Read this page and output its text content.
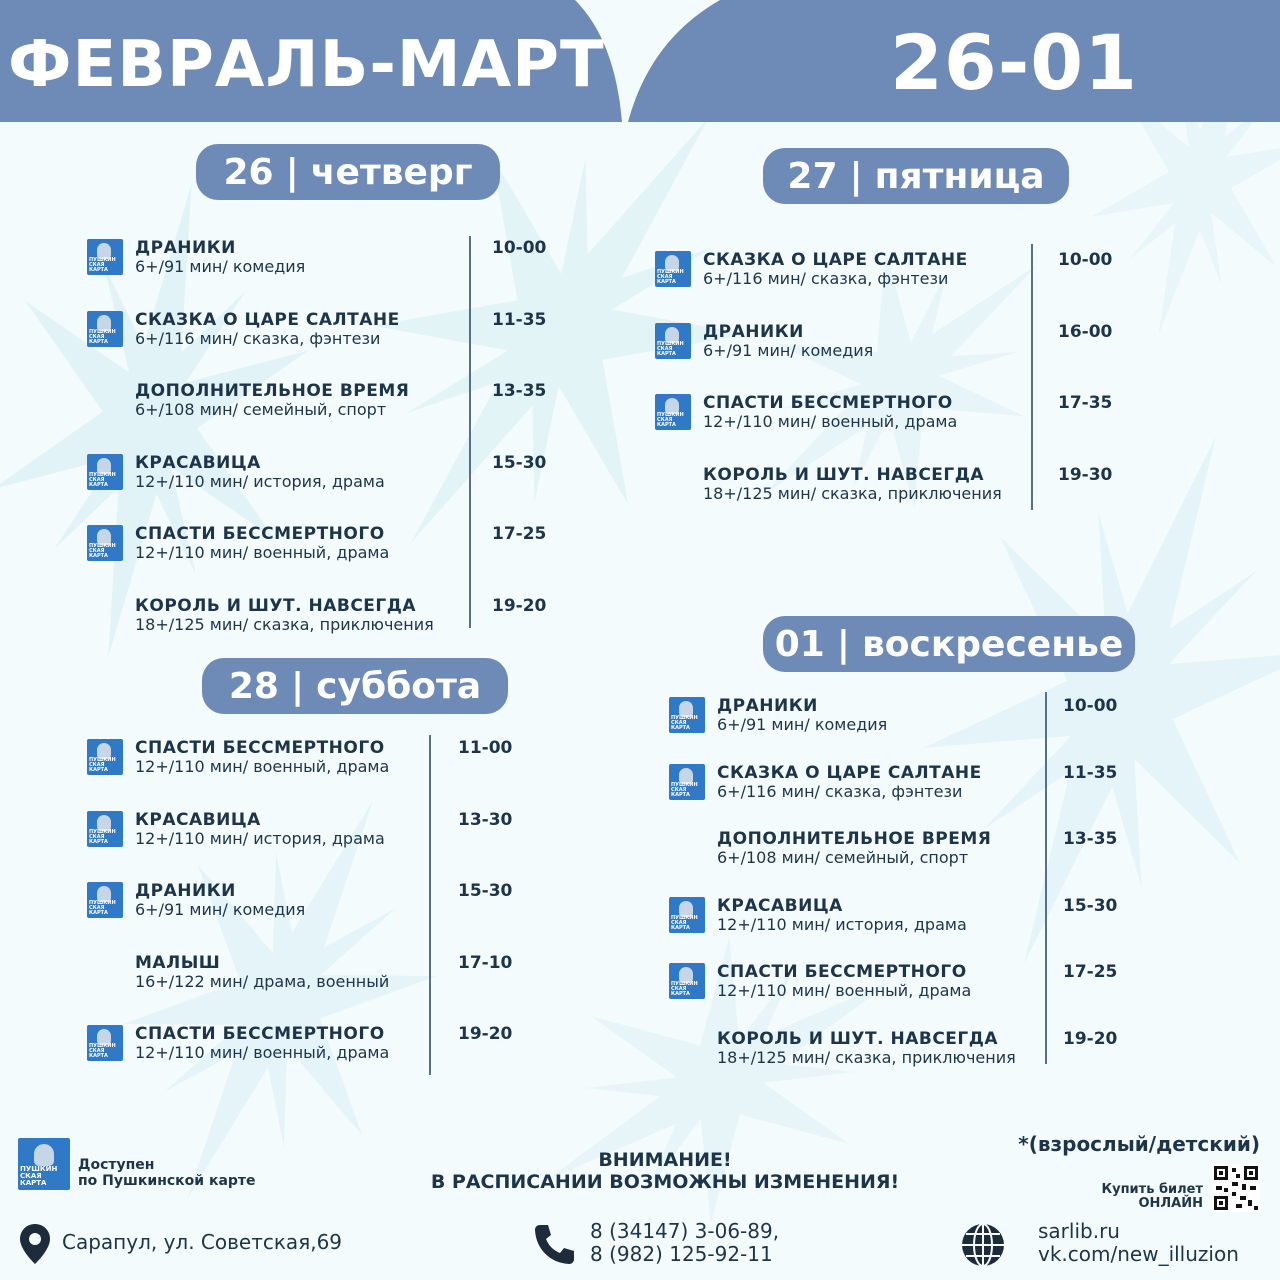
ФЕВРАЛЬ-МАРТ	26-01
26 | четверг
ПУШКИН СКАЯ КАРТА
ДРАНИКИ
6+/91 мин/ комедия
10-00
ПУШКИН СКАЯ КАРТА
СКАЗКА О ЦАРЕ САЛТАНЕ
6+/116 мин/ сказка, фэнтези
11-35
ДОПОЛНИТЕЛЬНОЕ ВРЕМЯ
6+/108 мин/ семейный, спорт
13-35
ПУШКИН СКАЯ КАРТА
КРАСАВИЦА
12+/110 мин/ история, драма
15-30
ПУШКИН СКАЯ КАРТА
СПАСТИ БЕССМЕРТНОГО
12+/110 мин/ военный, драма
17-25
КОРОЛЬ И ШУТ. НАВСЕГДА
18+/125 мин/ сказка, приключения
19-20
27 | пятница
ПУШКИН СКАЯ КАРТА
СКАЗКА О ЦАРЕ САЛТАНЕ
6+/116 мин/ сказка, фэнтези
10-00
ПУШКИН СКАЯ КАРТА
ДРАНИКИ
6+/91 мин/ комедия
16-00
ПУШКИН СКАЯ КАРТА
СПАСТИ БЕССМЕРТНОГО
12+/110 мин/ военный, драма
17-35
КОРОЛЬ И ШУТ. НАВСЕГДА
18+/125 мин/ сказка, приключения
19-30
28 | суббота
ПУШКИН СКАЯ КАРТА
СПАСТИ БЕССМЕРТНОГО
12+/110 мин/ военный, драма
11-00
ПУШКИН СКАЯ КАРТА
КРАСАВИЦА
12+/110 мин/ история, драма
13-30
ПУШКИН СКАЯ КАРТА
ДРАНИКИ
6+/91 мин/ комедия
15-30
МАЛЫШ
16+/122 мин/ драма, военный
17-10
ПУШКИН СКАЯ КАРТА
СПАСТИ БЕССМЕРТНОГО
12+/110 мин/ военный, драма
19-20
01 | воскресенье
ПУШКИН СКАЯ КАРТА
ДРАНИКИ
6+/91 мин/ комедия
10-00
ПУШКИН СКАЯ КАРТА
СКАЗКА О ЦАРЕ САЛТАНЕ
6+/116 мин/ сказка, фэнтези
11-35
ДОПОЛНИТЕЛЬНОЕ ВРЕМЯ
6+/108 мин/ семейный, спорт
13-35
ПУШКИН СКАЯ КАРТА
КРАСАВИЦА
12+/110 мин/ история, драма
15-30
ПУШКИН СКАЯ КАРТА
СПАСТИ БЕССМЕРТНОГО
12+/110 мин/ военный, драма
17-25
КОРОЛЬ И ШУТ. НАВСЕГДА
18+/125 мин/ сказка, приключения
19-20
ПУШКИН СКАЯ КАРТА
Доступен
по Пушкинской карте
ВНИМАНИЕ!
В РАСПИСАНИИ ВОЗМОЖНЫ ИЗМЕНЕНИЯ!
*(взрослый/детский)
Купить билет
ОНЛАЙН
Сарапул, ул. Советская,69	8 (34147) 3-06-89,
8 (982) 125-92-11
sarlib.ru
vk.com/new_illuzion
